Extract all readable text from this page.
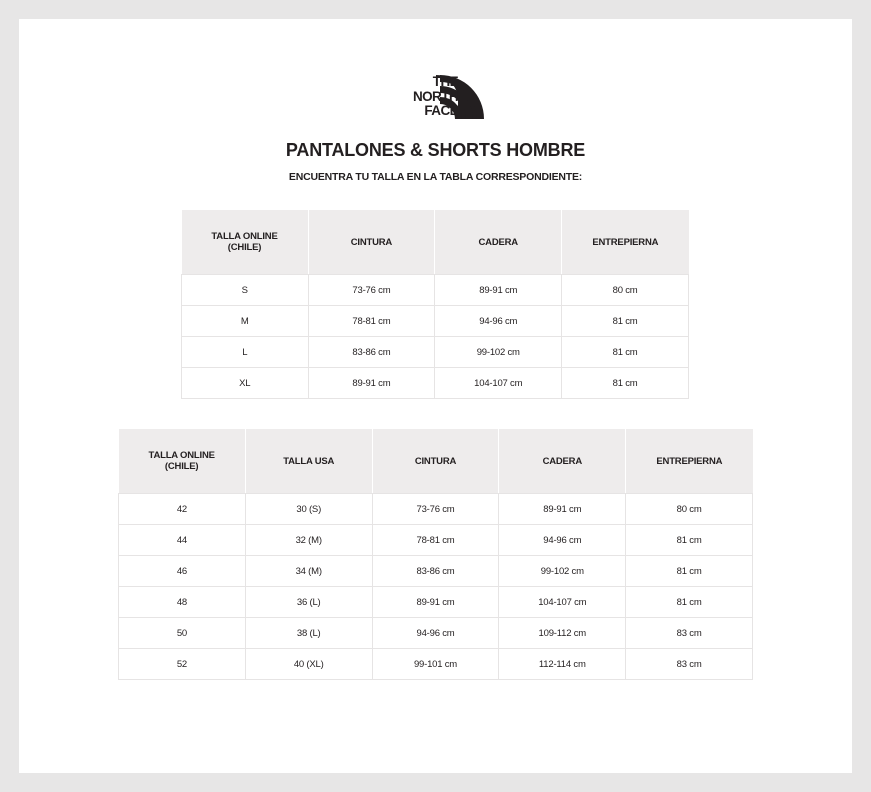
THE
NORTH
FACE
PANTALONES & SHORTS HOMBRE
ENCUENTRA TU TALLA EN LA TABLA CORRESPONDIENTE:
TALLA ONLINE
(CHILE)	CINTURA	CADERA	ENTREPIERNA
S	73-76 cm	89-91 cm	80 cm
M	78-81 cm	94-96 cm	81 cm
L	83-86 cm	99-102 cm	81 cm
XL	89-91 cm	104-107 cm	81 cm
TALLA ONLINE
(CHILE)	TALLA USA	CINTURA	CADERA	ENTREPIERNA
42	30 (S)	73-76 cm	89-91 cm	80 cm
44	32 (M)	78-81 cm	94-96 cm	81 cm
46	34 (M)	83-86 cm	99-102 cm	81 cm
48	36 (L)	89-91 cm	104-107 cm	81 cm
50	38 (L)	94-96 cm	109-112 cm	83 cm
52	40 (XL)	99-101 cm	112-114 cm	83 cm
